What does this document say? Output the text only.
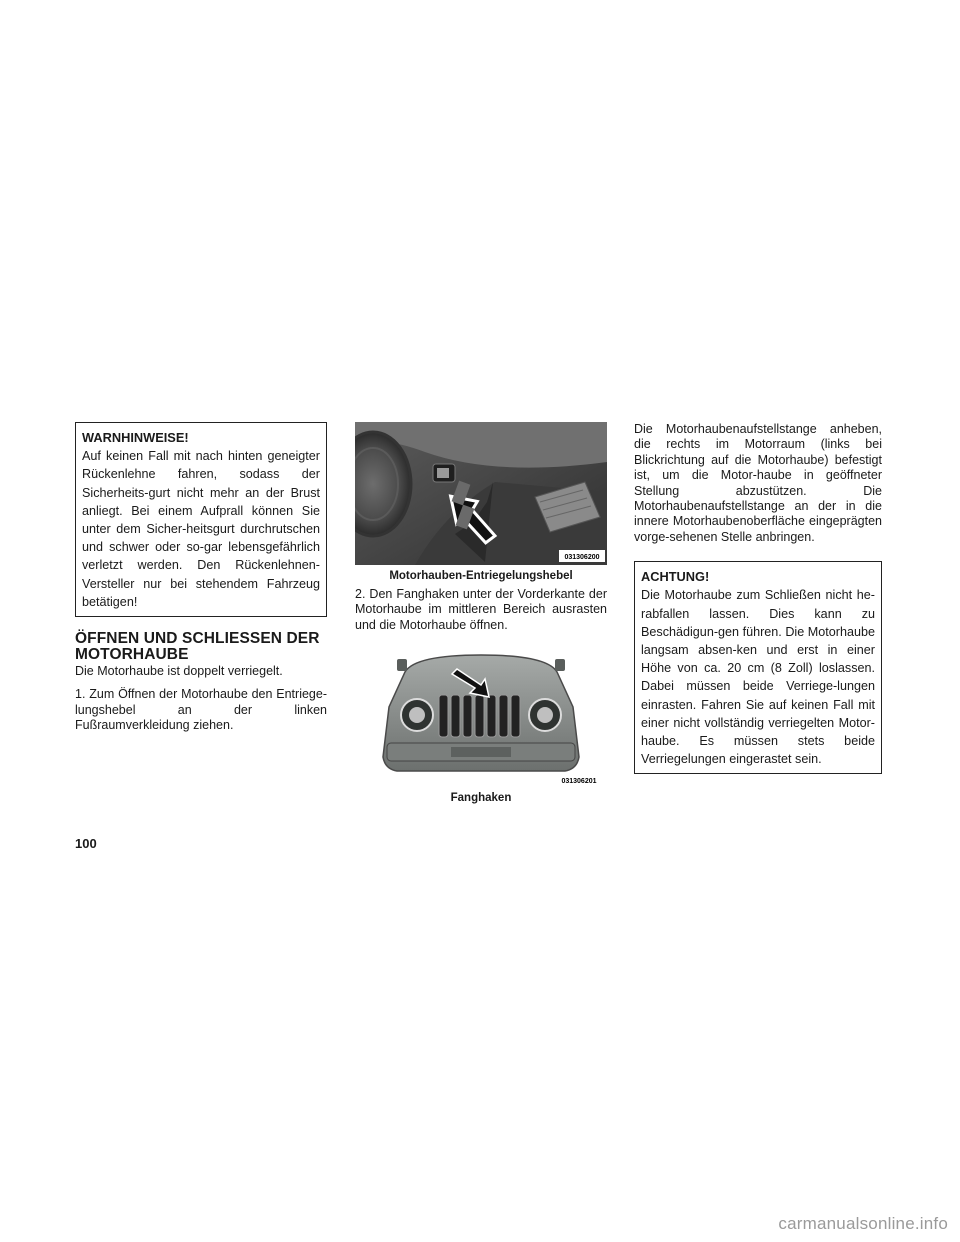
WARNHINWEISE!
Auf keinen Fall mit nach hinten geneigter Rückenlehne fahren, sodass der Sicherheits-gurt nicht mehr an der Brust anliegt. Bei einem Aufprall können Sie unter dem Sicher-heitsgurt durchrutschen und schwer oder so-gar lebensgefährlich verletzt werden. Den Rückenlehnen-Versteller nur bei stehendem Fahrzeug betätigen!
ÖFFNEN UND SCHLIESSEN DER MOTORHAUBE

Die Motorhaube ist doppelt verriegelt.

1. Zum Öffnen der Motorhaube den Entriege-lungshebel an der linken Fußraumverkleidung ziehen.

031306200
Motorhauben-Entriegelungshebel

2. Den Fanghaken unter der Vorderkante der Motorhaube im mittleren Bereich ausrasten und die Motorhaube öffnen.

031306201
Fanghaken

Die Motorhaubenaufstellstange anheben, die rechts im Motorraum (links bei Blickrichtung auf die Motorhaube) befestigt ist, um die Motor-haube in geöffneter Stellung abzustützen. Die Motorhaubenaufstellstange an der in die innere Motorhaubenoberfläche eingeprägten vorge-sehenen Stelle anbringen.

ACHTUNG!
Die Motorhaube zum Schließen nicht he-rabfallen lassen. Dies kann zu Beschädigun-gen führen. Die Motorhaube langsam absen-ken und erst in einer Höhe von ca. 20 cm (8 Zoll) loslassen. Dabei müssen beide Verriege-lungen einrasten. Fahren Sie auf keinen Fall mit einer nicht vollständig verriegelten Motor-haube. Es müssen stets beide Verriegelungen eingerastet sein.
100
carmanualsonline.info
